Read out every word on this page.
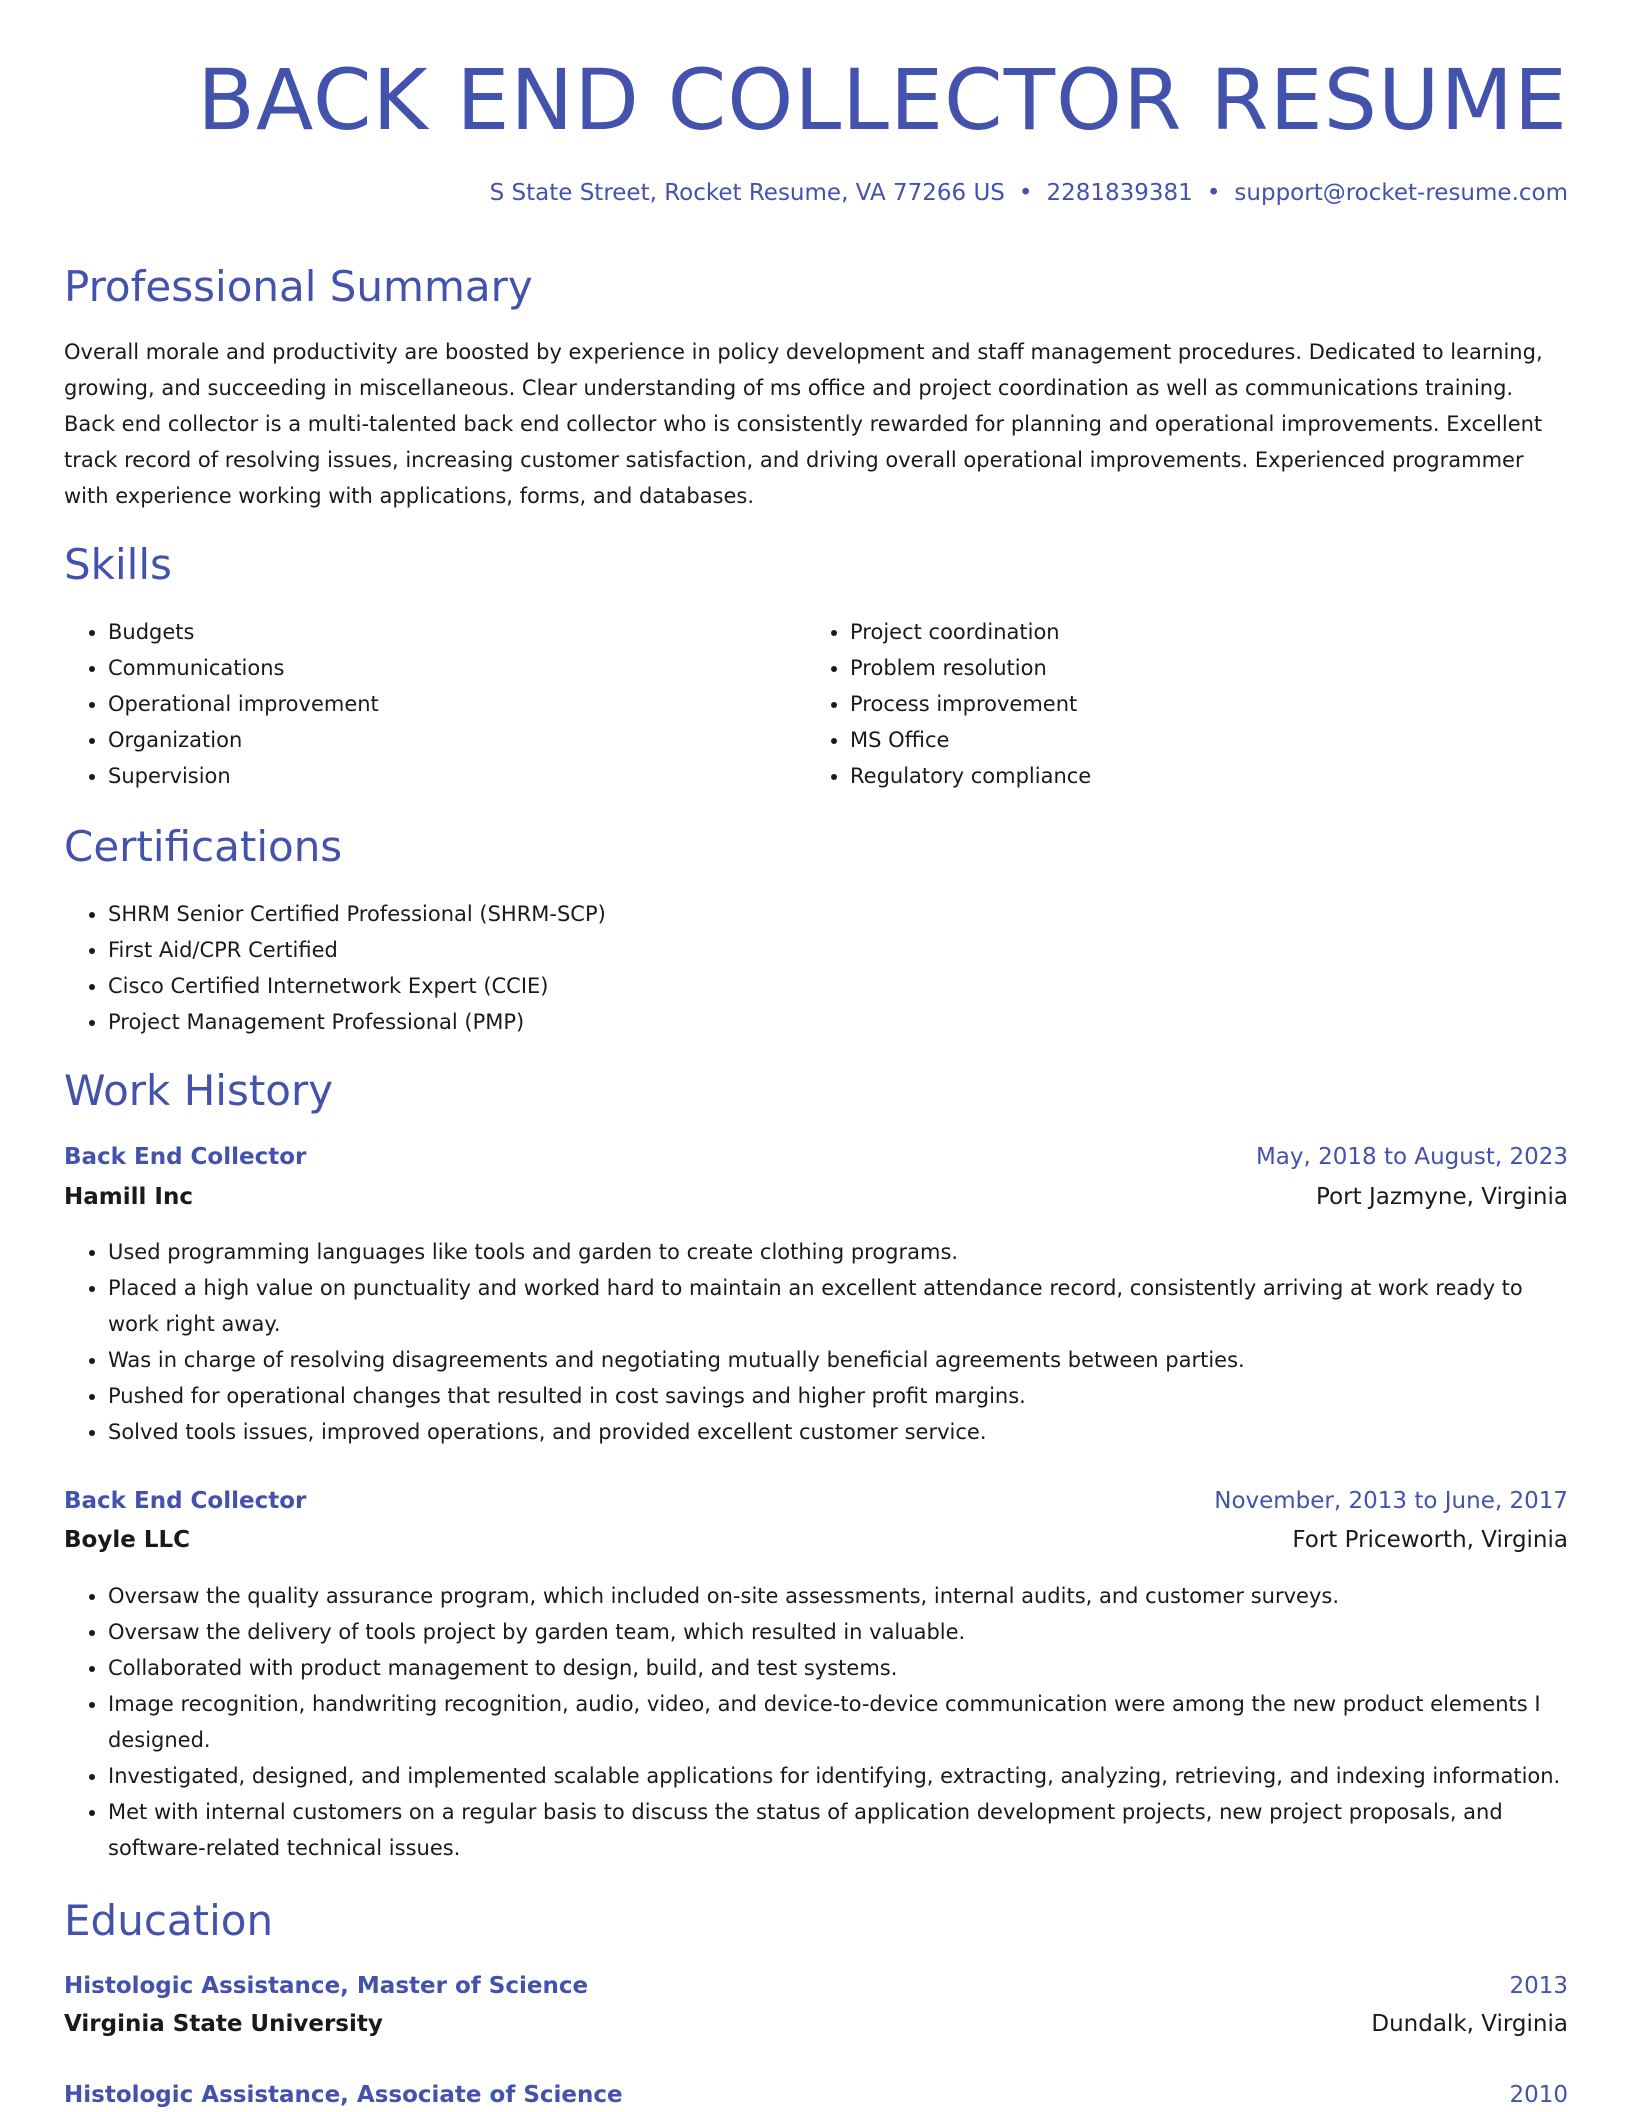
BACK END COLLECTOR RESUME
S State Street, Rocket Resume, VA 77266 US • 2281839381 • support@rocket-resume.com
Professional Summary

Overall morale and productivity are boosted by experience in policy development and staff management procedures. Dedicated to learning, growing, and succeeding in miscellaneous. Clear understanding of ms office and project coordination as well as communications training. Back end collector is a multi-talented back end collector who is consistently rewarded for planning and operational improvements. Excellent track record of resolving issues, increasing customer satisfaction, and driving overall operational improvements. Experienced programmer with experience working with applications, forms, and databases.

Skills
• Budgets
• Communications
• Operational improvement
• Organization
• Supervision
• Project coordination
• Problem resolution
• Process improvement
• MS Office
• Regulatory compliance
Certifications
• SHRM Senior Certified Professional (SHRM-SCP)
• First Aid/CPR Certified
• Cisco Certified Internetwork Expert (CCIE)
• Project Management Professional (PMP)
Work History
Back End Collector	May, 2018 to August, 2023
Hamill Inc	Port Jazmyne, Virginia
• Used programming languages like tools and garden to create clothing programs.
• Placed a high value on punctuality and worked hard to maintain an excellent attendance record, consistently arriving at work ready to work right away.
• Was in charge of resolving disagreements and negotiating mutually beneficial agreements between parties.
• Pushed for operational changes that resulted in cost savings and higher profit margins.
• Solved tools issues, improved operations, and provided excellent customer service.
Back End Collector	November, 2013 to June, 2017
Boyle LLC	Fort Priceworth, Virginia
• Oversaw the quality assurance program, which included on-site assessments, internal audits, and customer surveys.
• Oversaw the delivery of tools project by garden team, which resulted in valuable.
• Collaborated with product management to design, build, and test systems.
• Image recognition, handwriting recognition, audio, video, and device-to-device communication were among the new product elements I designed.
• Investigated, designed, and implemented scalable applications for identifying, extracting, analyzing, retrieving, and indexing information.
• Met with internal customers on a regular basis to discuss the status of application development projects, new project proposals, and software-related technical issues.
Education
Histologic Assistance, Master of Science	2013
Virginia State University	Dundalk, Virginia
Histologic Assistance, Associate of Science	2010
